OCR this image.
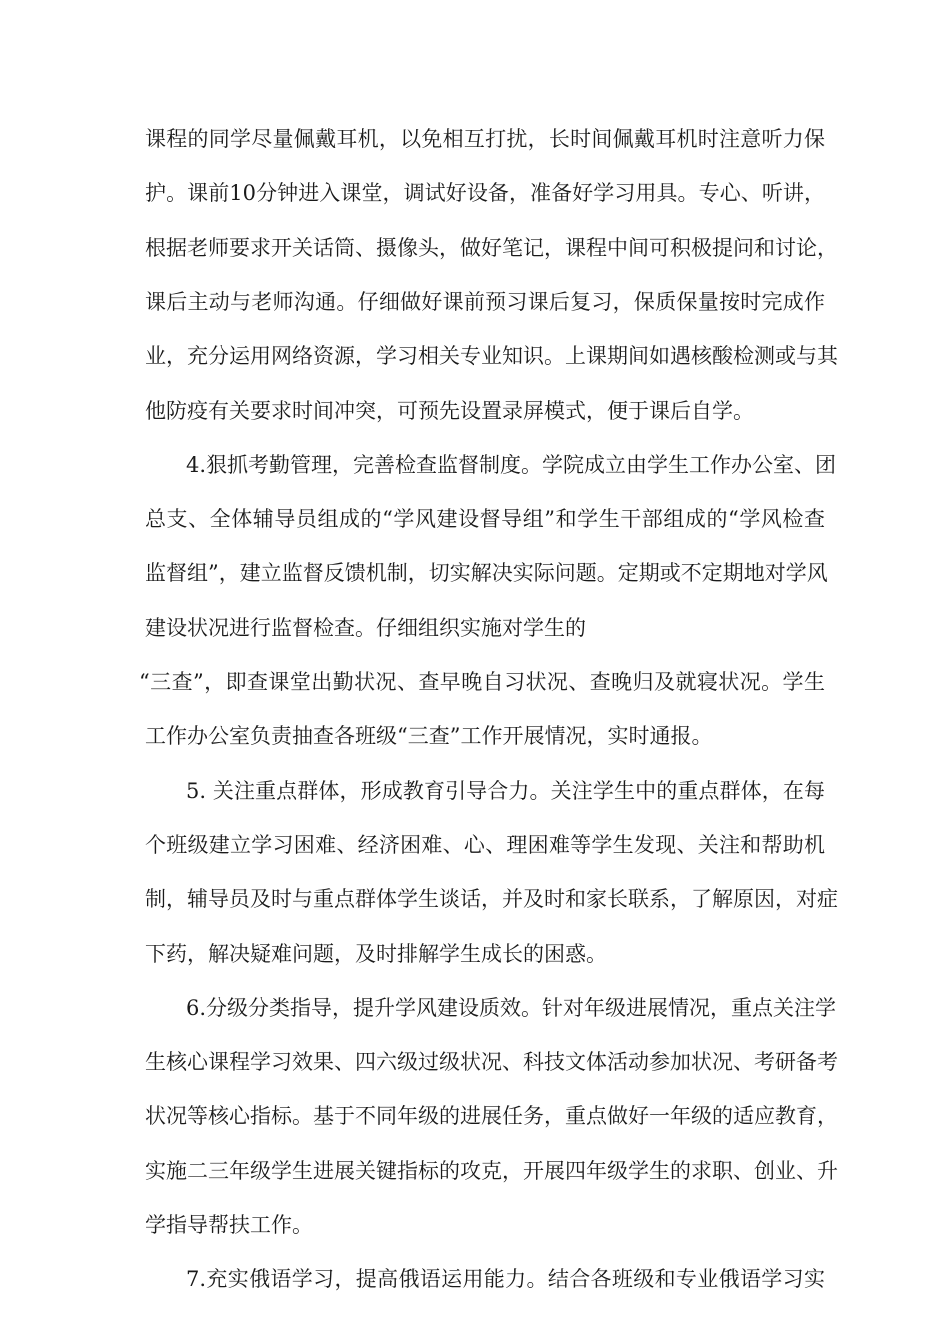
课程的同学尽量佩戴耳机，以免相互打扰，长时间佩戴耳机时注意听力保
护。课前10分钟进入课堂，调试好设备，准备好学习用具。专心、听讲，
根据老师要求开关话筒、摄像头，做好笔记，课程中间可积极提问和讨论，
课后主动与老师沟通。仔细做好课前预习课后复习，保质保量按时完成作
业，充分运用网络资源，学习相关专业知识。上课期间如遇核酸检测或与其
他防疫有关要求时间冲突，可预先设置录屏模式，便于课后自学。
4.狠抓考勤管理，完善检查监督制度。学院成立由学生工作办公室、团
总支、全体辅导员组成的“学风建设督导组”和学生干部组成的“学风检查
监督组”，建立监督反馈机制，切实解决实际问题。定期或不定期地对学风
建设状况进行监督检查。仔细组织实施对学生的
“三查”，即查课堂出勤状况、查早晚自习状况、查晚归及就寝状况。学生
工作办公室负责抽查各班级“三查”工作开展情况，实时通报。
5. 关注重点群体，形成教育引导合力。关注学生中的重点群体，在每
个班级建立学习困难、经济困难、心、理困难等学生发现、关注和帮助机
制，辅导员及时与重点群体学生谈话，并及时和家长联系，了解原因，对症
下药，解决疑难问题，及时排解学生成长的困惑。
6.分级分类指导，提升学风建设质效。针对年级进展情况，重点关注学
生核心课程学习效果、四六级过级状况、科技文体活动参加状况、考研备考
状况等核心指标。基于不同年级的进展任务，重点做好一年级的适应教育，
实施二三年级学生进展关键指标的攻克，开展四年级学生的求职、创业、升
学指导帮扶工作。
7.充实俄语学习，提高俄语运用能力。结合各班级和专业俄语学习实
